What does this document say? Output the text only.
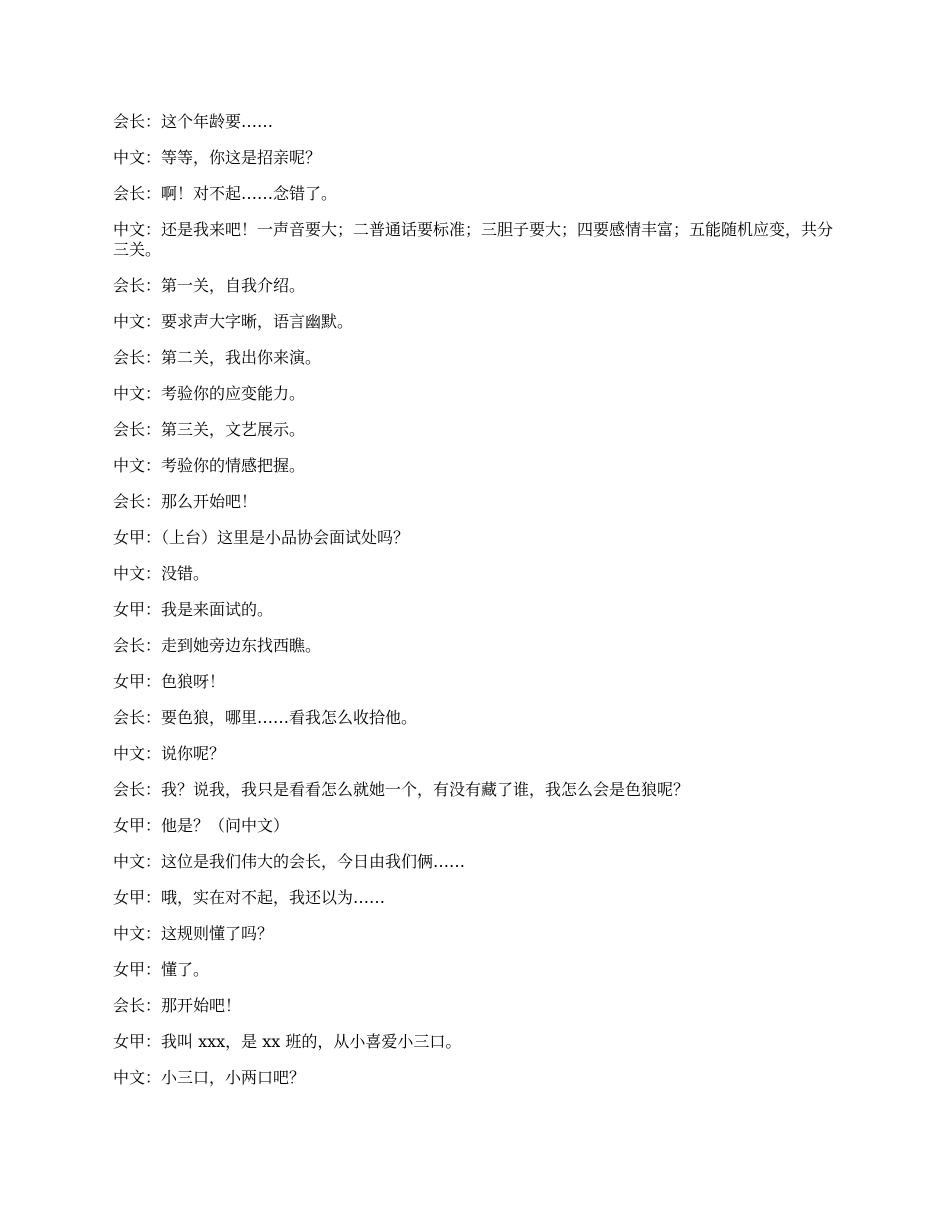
会长：这个年龄要……

中文：等等，你这是招亲呢？

会长：啊！对不起……念错了。

中文：还是我来吧！一声音要大；二普通话要标准；三胆子要大；四要感情丰富；五能随机应变，共分三关。

会长：第一关，自我介绍。

中文：要求声大字晰，语言幽默。

会长：第二关，我出你来演。

中文：考验你的应变能力。

会长：第三关，文艺展示。

中文：考验你的情感把握。

会长：那么开始吧！

女甲：（上台）这里是小品协会面试处吗？

中文：没错。

女甲：我是来面试的。

会长：走到她旁边东找西瞧。

女甲：色狼呀！

会长：要色狼，哪里……看我怎么收拾他。

中文：说你呢？

会长：我？说我，我只是看看怎么就她一个，有没有藏了谁，我怎么会是色狼呢？

女甲：他是？（问中文）

中文：这位是我们伟大的会长，今日由我们俩……

女甲：哦，实在对不起，我还以为……

中文：这规则懂了吗？

女甲：懂了。

会长：那开始吧！

女甲：我叫 xxx，是 xx 班的，从小喜爱小三口。

中文：小三口，小两口吧？
